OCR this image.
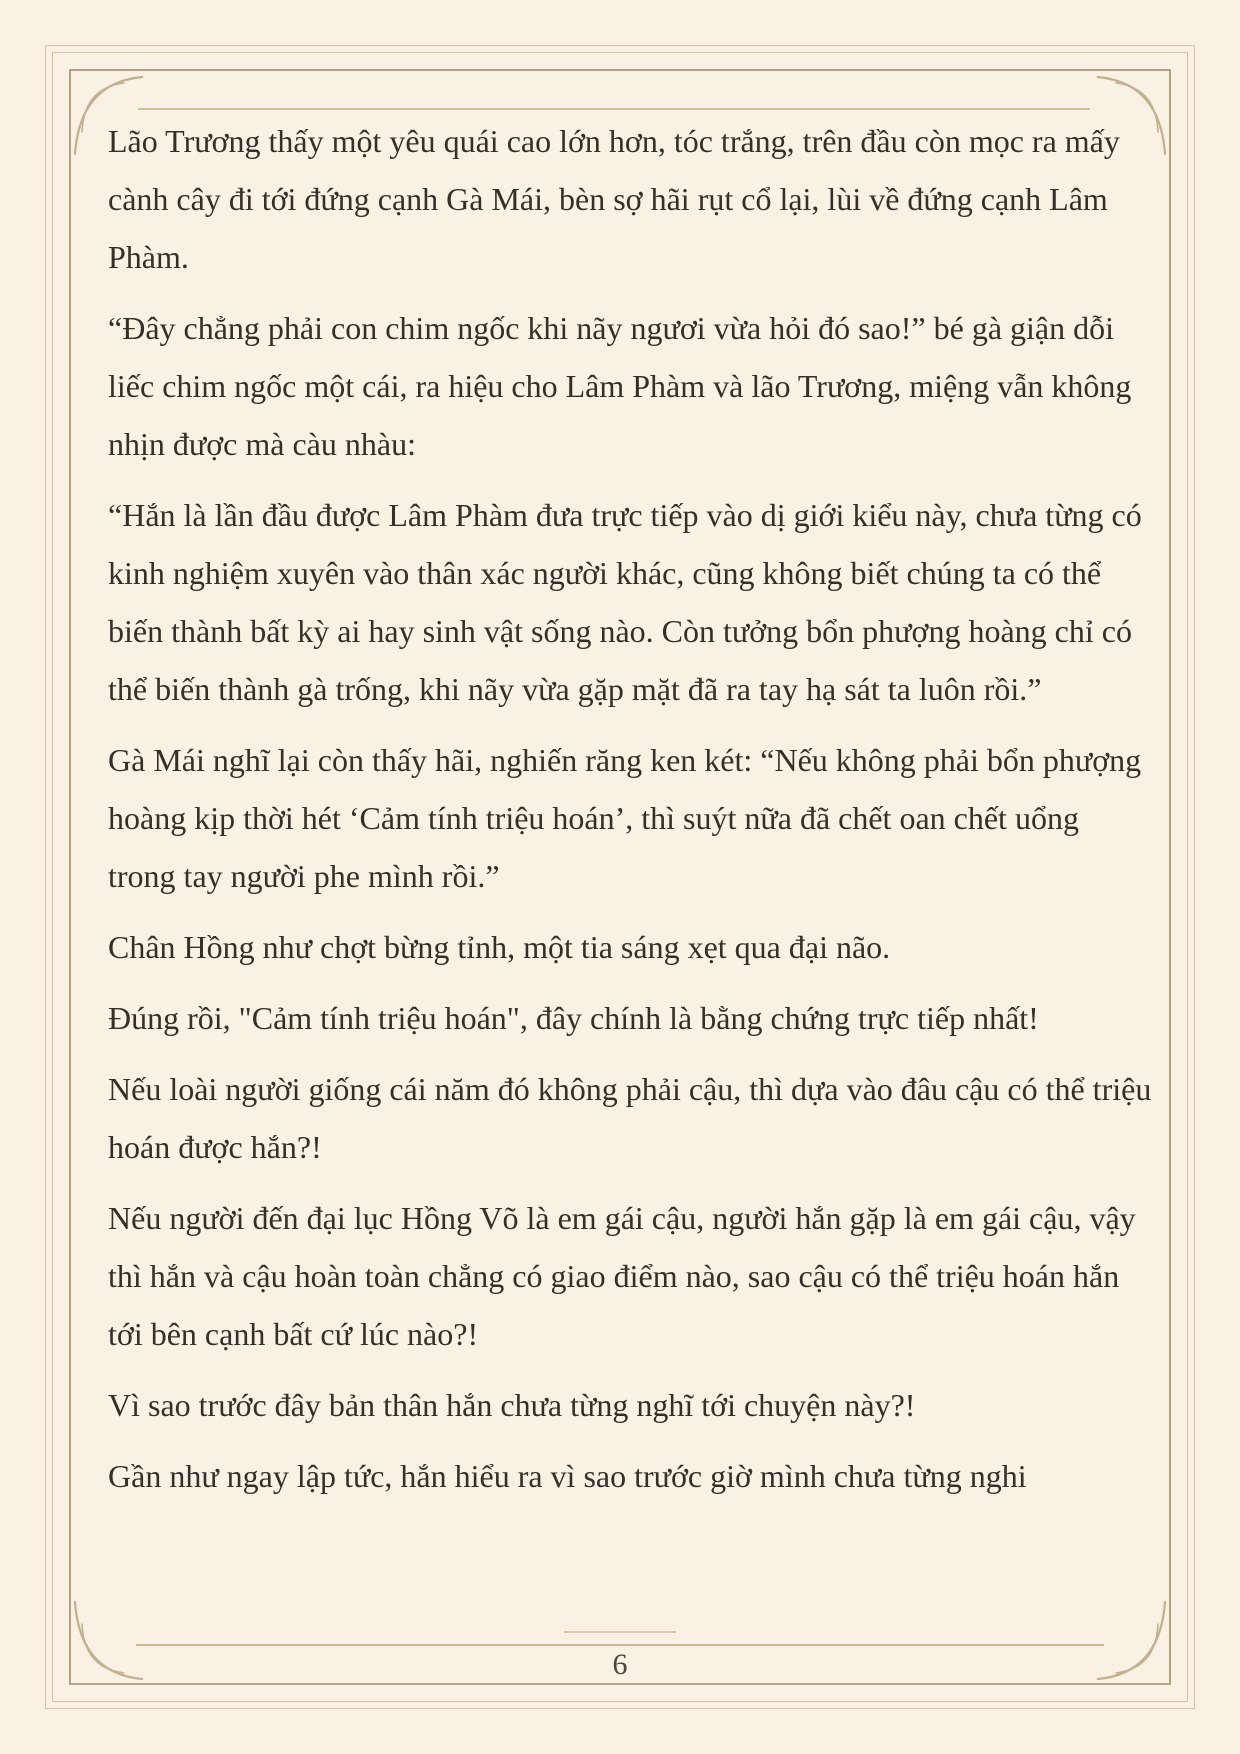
Lão Trương thấy một yêu quái cao lớn hơn, tóc trắng, trên đầu còn mọc ra mấy cành cây đi tới đứng cạnh Gà Mái, bèn sợ hãi rụt cổ lại, lùi về đứng cạnh Lâm Phàm.

“Đây chẳng phải con chim ngốc khi nãy ngươi vừa hỏi đó sao!” bé gà giận dỗi liếc chim ngốc một cái, ra hiệu cho Lâm Phàm và lão Trương, miệng vẫn không nhịn được mà càu nhàu:

“Hắn là lần đầu được Lâm Phàm đưa trực tiếp vào dị giới kiểu này, chưa từng có kinh nghiệm xuyên vào thân xác người khác, cũng không biết chúng ta có thể biến thành bất kỳ ai hay sinh vật sống nào. Còn tưởng bổn phượng hoàng chỉ có thể biến thành gà trống, khi nãy vừa gặp mặt đã ra tay hạ sát ta luôn rồi.”

Gà Mái nghĩ lại còn thấy hãi, nghiến răng ken két: “Nếu không phải bổn phượng hoàng kịp thời hét ‘Cảm tính triệu hoán’, thì suýt nữa đã chết oan chết uổng trong tay người phe mình rồi.”

Chân Hồng như chợt bừng tỉnh, một tia sáng xẹt qua đại não.

Đúng rồi, "Cảm tính triệu hoán", đây chính là bằng chứng trực tiếp nhất!

Nếu loài người giống cái năm đó không phải cậu, thì dựa vào đâu cậu có thể triệu hoán được hắn?!

Nếu người đến đại lục Hồng Võ là em gái cậu, người hắn gặp là em gái cậu, vậy thì hắn và cậu hoàn toàn chẳng có giao điểm nào, sao cậu có thể triệu hoán hắn tới bên cạnh bất cứ lúc nào?!

Vì sao trước đây bản thân hắn chưa từng nghĩ tới chuyện này?!

Gần như ngay lập tức, hắn hiểu ra vì sao trước giờ mình chưa từng nghi

6
